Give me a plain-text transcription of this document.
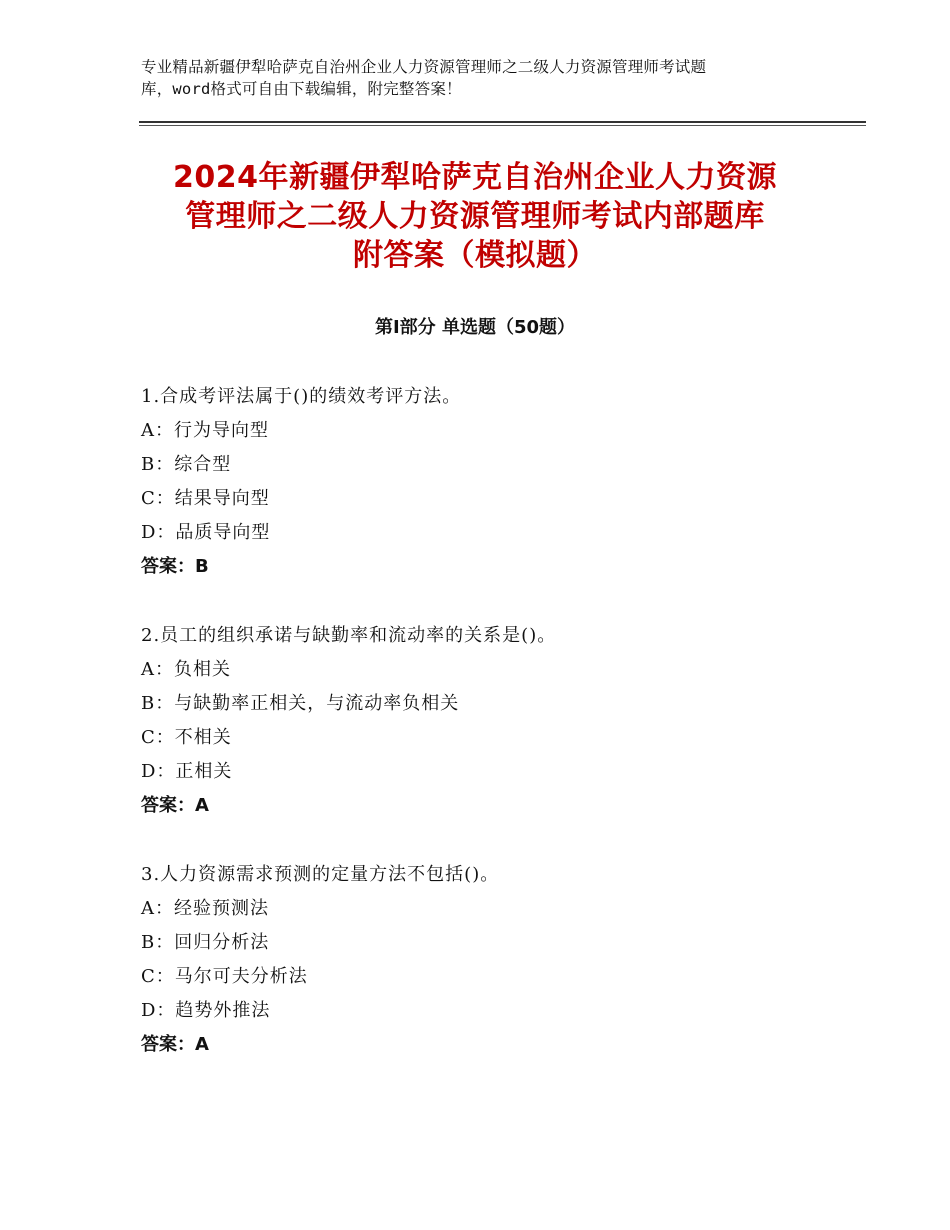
专业精品新疆伊犁哈萨克自治州企业人力资源管理师之二级人力资源管理师考试题
库，word格式可自由下载编辑，附完整答案！
2024年新疆伊犁哈萨克自治州企业人力资源
管理师之二级人力资源管理师考试内部题库
附答案（模拟题）
第Ⅰ部分 单选题（50题）
1.合成考评法属于()的绩效考评方法。
A：行为导向型
B：综合型
C：结果导向型
D：品质导向型
答案：B
2.员工的组织承诺与缺勤率和流动率的关系是()。
A：负相关
B：与缺勤率正相关，与流动率负相关
C：不相关
D：正相关
答案：A
3.人力资源需求预测的定量方法不包括()。
A：经验预测法
B：回归分析法
C：马尔可夫分析法
D：趋势外推法
答案：A
